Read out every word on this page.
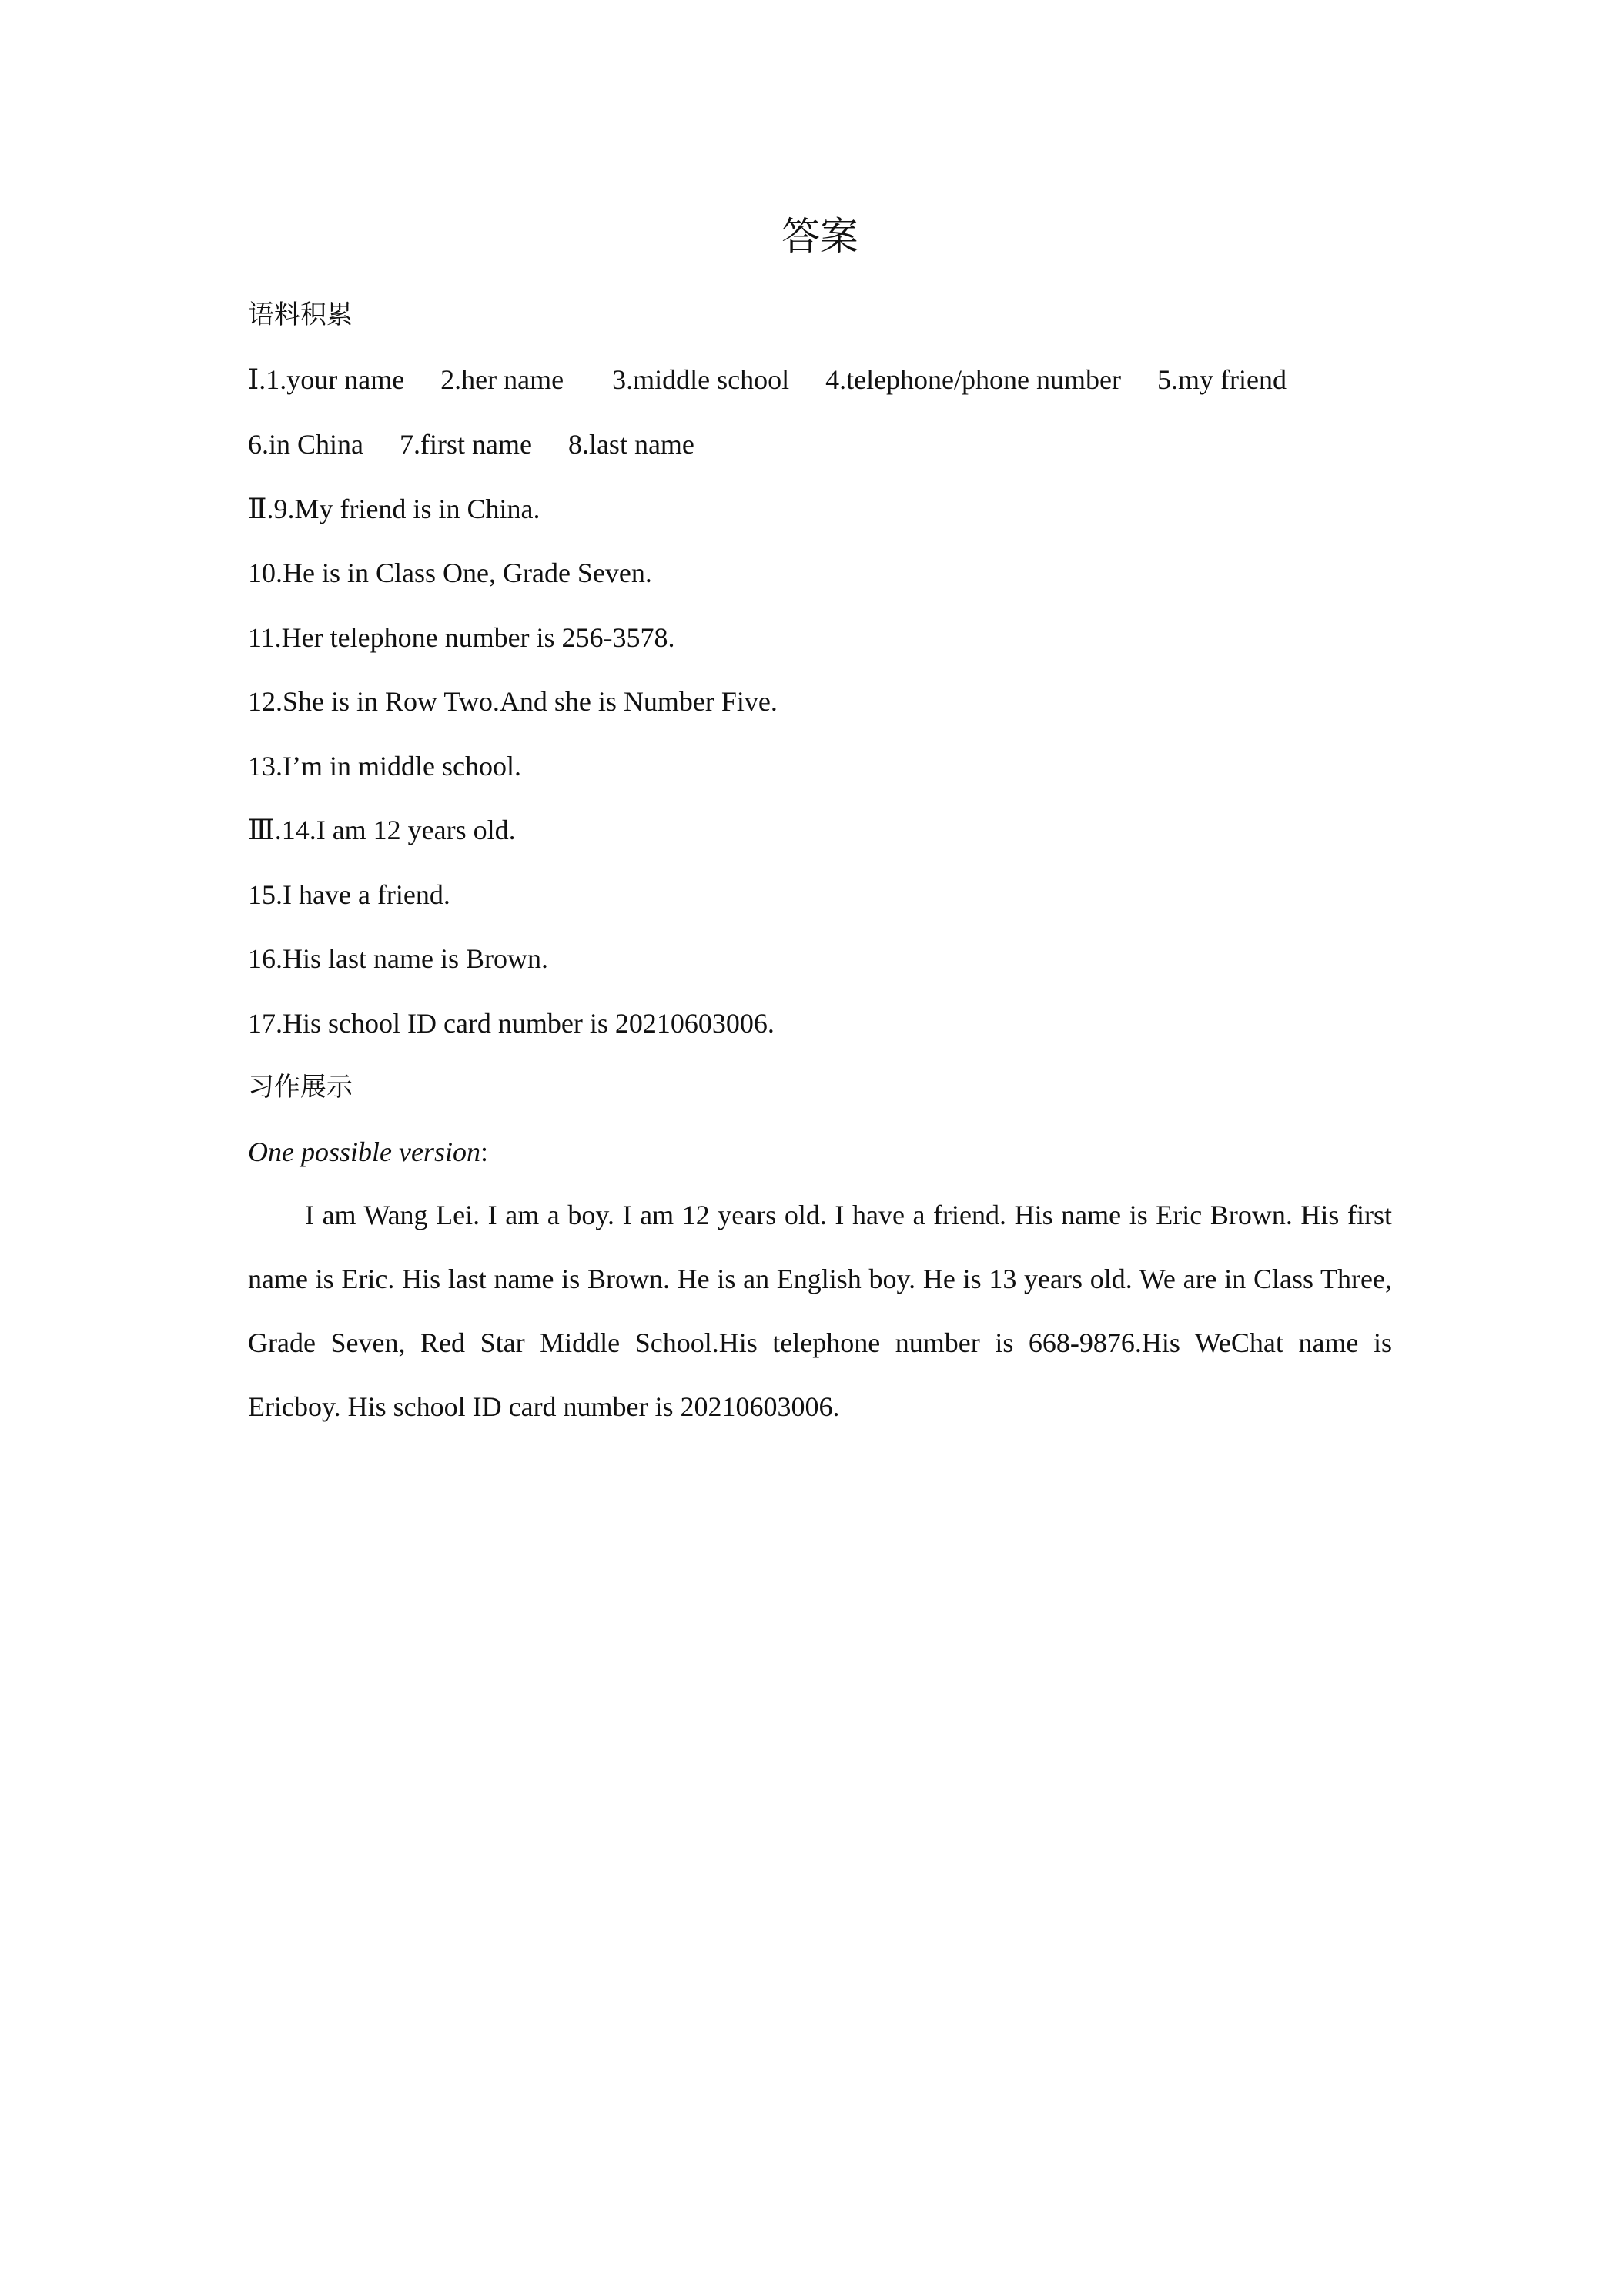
答案
语料积累
Ⅰ.1.your name 2.her name 3.middle school 4.telephone/phone number 5.my friend
6.in China 7.first name 8.last name
Ⅱ.9.My friend is in China.
10.He is in Class One, Grade Seven.
11.Her telephone number is 256-3578.
12.She is in Row Two.And she is Number Five.
13.I’m in middle school.
Ⅲ.14.I am 12 years old.
15.I have a friend.
16.His last name is Brown.
17.His school ID card number is 20210603006.
习作展示
One possible version:
I am Wang Lei. I am a boy. I am 12 years old. I have a friend. His name is Eric Brown. His first name is Eric. His last name is Brown. He is an English boy. He is 13 years old. We are in Class Three, Grade Seven, Red Star Middle School.His telephone number is 668-9876.His WeChat name is Ericboy. His school ID card number is 20210603006.
